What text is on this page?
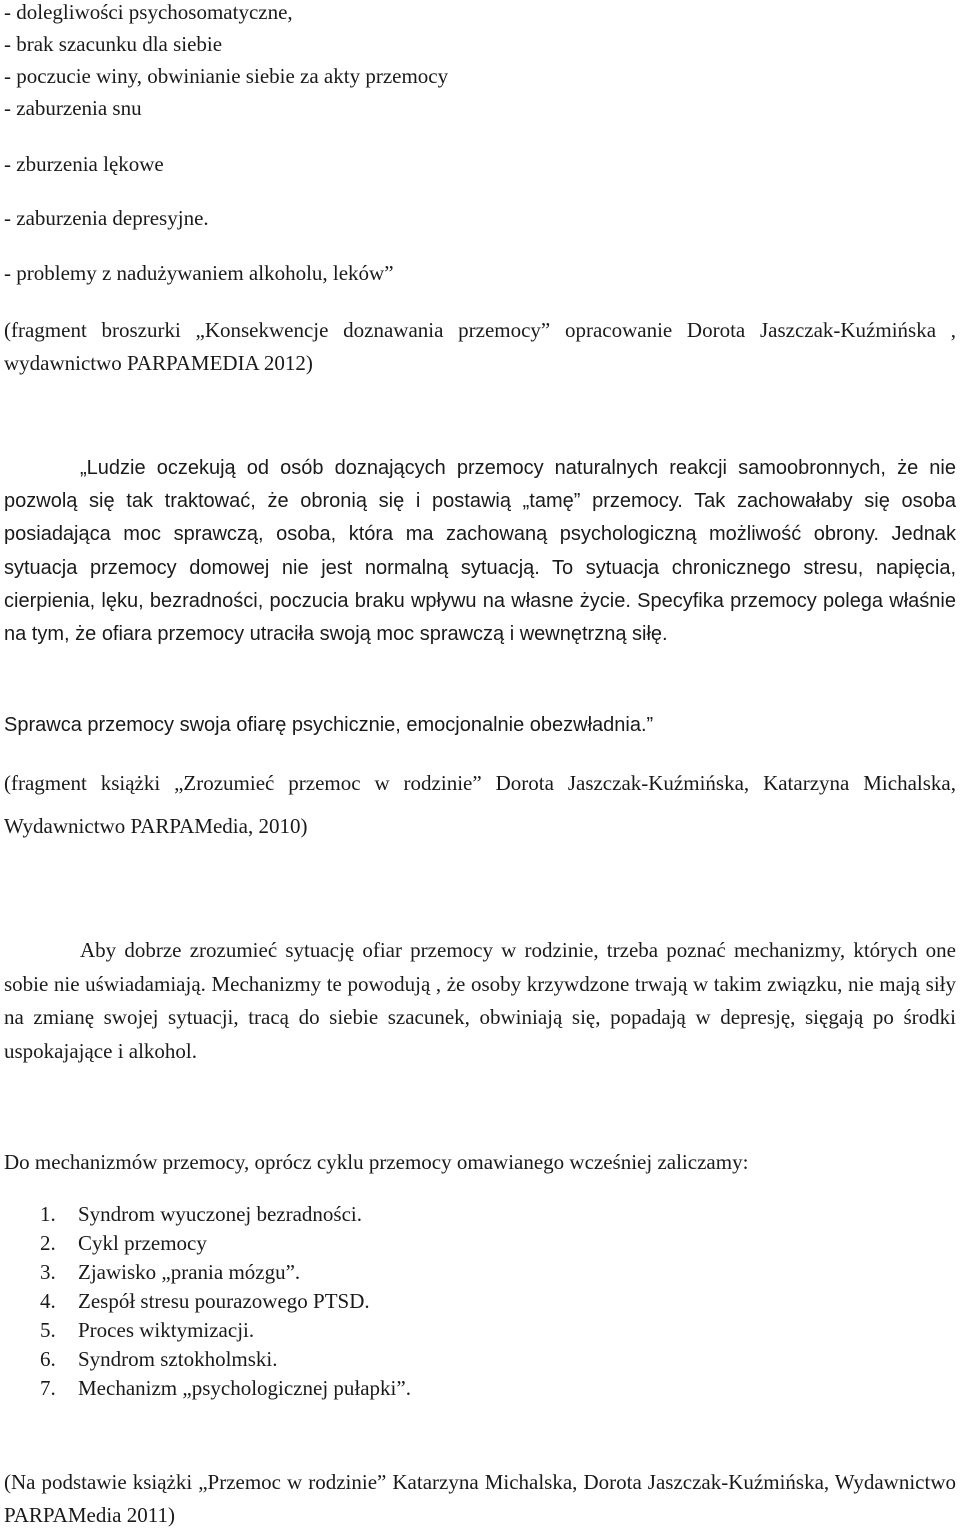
- dolegliwości psychosomatyczne,
- brak szacunku dla siebie
- poczucie winy, obwinianie siebie za akty przemocy
- zaburzenia snu
- zburzenia lękowe
- zaburzenia depresyjne.
- problemy z nadużywaniem alkoholu, leków”
(fragment broszurki „Konsekwencje doznawania przemocy” opracowanie Dorota Jaszczak-Kuźmińska , wydawnictwo PARPAMEDIA 2012)
„Ludzie oczekują od osób doznających przemocy naturalnych reakcji samoobronnych, że nie pozwolą się tak traktować, że obronią się i postawią „tamę” przemocy. Tak zachowałaby się osoba posiadająca moc sprawczą, osoba, która ma zachowaną psychologiczną możliwość obrony. Jednak sytuacja przemocy domowej nie jest normalną sytuacją. To sytuacja chronicznego stresu, napięcia, cierpienia, lęku, bezradności, poczucia braku wpływu na własne życie. Specyfika przemocy polega właśnie na tym, że ofiara przemocy utraciła swoją moc sprawczą i wewnętrzną siłę.
Sprawca przemocy swoja ofiarę psychicznie, emocjonalnie obezwładnia.”
(fragment książki „Zrozumieć przemoc w rodzinie” Dorota Jaszczak-Kuźmińska, Katarzyna Michalska, Wydawnictwo PARPAMedia, 2010)
Aby dobrze zrozumieć sytuację ofiar przemocy w rodzinie, trzeba poznać mechanizmy, których one sobie nie uświadamiają. Mechanizmy te powodują , że osoby krzywdzone trwają w takim związku, nie mają siły na zmianę swojej sytuacji, tracą do siebie szacunek, obwiniają się, popadają w depresję, sięgają po środki uspokajające i alkohol.
Do mechanizmów przemocy, oprócz cyklu przemocy omawianego wcześniej zaliczamy:
1. Syndrom wyuczonej bezradności.
2. Cykl przemocy
3. Zjawisko „prania mózgu”.
4. Zespół stresu pourazowego PTSD.
5. Proces wiktymizacji.
6. Syndrom sztokholmski.
7. Mechanizm „psychologicznej pułapki”.
(Na podstawie książki „Przemoc w rodzinie” Katarzyna Michalska, Dorota Jaszczak-Kuźmińska, Wydawnictwo PARPAMedia 2011)
